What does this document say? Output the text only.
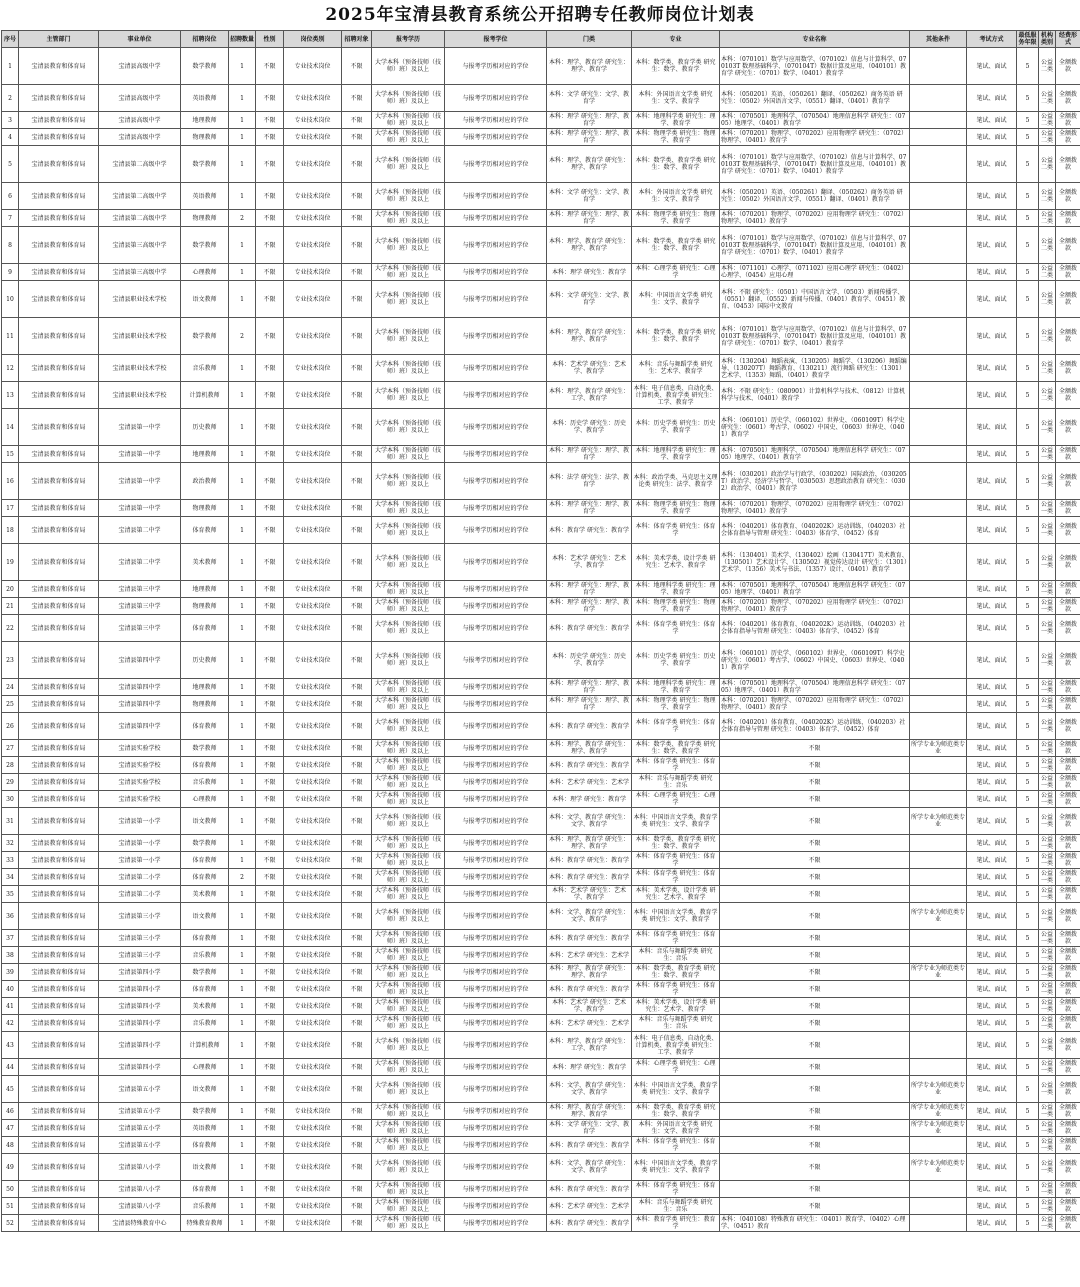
2025年宝清县教育系统公开招聘专任教师岗位计划表
序号	主管部门	事业单位	招聘岗位	招聘数量	性别	岗位类别	招聘对象	报考学历	报考学位	门类	专业	专业名称	其他条件	考试方式	最低服务年限	机构类别	经费形式
1	宝清县教育和体育局	宝清县高级中学	数学教师	1	不限	专业技术岗位	不限	大学本科（预备技师（技师）班）及以上	与报考学历相对应的学位	本科：理学、教育学 研究生：理学、教育学	本科：数学类、教育学类 研究生：数学、教育学	本科：（070101）数学与应用数学、（070102）信息与计算科学、070103T 数理基础科学、（070104T）数据计算及应用、（040101）教育学 研究生：（0701）数学、（0401）教育学		笔试、面试	5	公益二类	全额拨款
2	宝清县教育和体育局	宝清县高级中学	英语教师	1	不限	专业技术岗位	不限	大学本科（预备技师（技师）班）及以上	与报考学历相对应的学位	本科：文学 研究生：文学、教育学	本科：外国语言文学类 研究生：文学、教育学	本科：（050201）英语、（050261）翻译、（050262）商务英语 研究生：（0502）外国语言文学、（0551）翻译、（0401）教育学		笔试、面试	5	公益二类	全额拨款
3	宝清县教育和体育局	宝清县高级中学	地理教师	1	不限	专业技术岗位	不限	大学本科（预备技师（技师）班）及以上	与报考学历相对应的学位	本科：理学 研究生：理学、教育学	本科：地理科学类 研究生：理学、教育学	本科：（070501）地理科学、（070504）地理信息科学 研究生：（0705）地理学、（0401）教育学		笔试、面试	5	公益二类	全额拨款
4	宝清县教育和体育局	宝清县高级中学	物理教师	1	不限	专业技术岗位	不限	大学本科（预备技师（技师）班）及以上	与报考学历相对应的学位	本科：理学 研究生：理学、教育学	本科：物理学类 研究生：物理学、教育学	本科：（070201）物理学、（070202）应用物理学 研究生：（0702）物理学、（0401）教育学		笔试、面试	5	公益二类	全额拨款
5	宝清县教育和体育局	宝清县第二高级中学	数学教师	1	不限	专业技术岗位	不限	大学本科（预备技师（技师）班）及以上	与报考学历相对应的学位	本科：理学、教育学 研究生：理学、教育学	本科：数学类、教育学类 研究生：数学、教育学	本科：（070101）数学与应用数学、（070102）信息与计算科学、070103T 数理基础科学、（070104T）数据计算及应用、（040101）教育学 研究生：（0701）数学、（0401）教育学		笔试、面试	5	公益二类	全额拨款
6	宝清县教育和体育局	宝清县第二高级中学	英语教师	1	不限	专业技术岗位	不限	大学本科（预备技师（技师）班）及以上	与报考学历相对应的学位	本科：文学 研究生：文学、教育学	本科：外国语言文学类 研究生：文学、教育学	本科：（050201）英语、（050261）翻译、（050262）商务英语 研究生：（0502）外国语言文学、（0551）翻译、（0401）教育学		笔试、面试	5	公益二类	全额拨款
7	宝清县教育和体育局	宝清县第二高级中学	物理教师	2	不限	专业技术岗位	不限	大学本科（预备技师（技师）班）及以上	与报考学历相对应的学位	本科：理学 研究生：理学、教育学	本科：物理学类 研究生：物理学、教育学	本科：（070201）物理学、（070202）应用物理学 研究生：（0702）物理学、（0401）教育学		笔试、面试	5	公益二类	全额拨款
8	宝清县教育和体育局	宝清县第三高级中学	数学教师	1	不限	专业技术岗位	不限	大学本科（预备技师（技师）班）及以上	与报考学历相对应的学位	本科：理学、教育学 研究生：理学、教育学	本科：数学类、教育学类 研究生：数学、教育学	本科：（070101）数学与应用数学、（070102）信息与计算科学、070103T 数理基础科学、（070104T）数据计算及应用、（040101）教育学 研究生：（0701）数学、（0401）教育学		笔试、面试	5	公益二类	全额拨款
9	宝清县教育和体育局	宝清县第三高级中学	心理教师	1	不限	专业技术岗位	不限	大学本科（预备技师（技师）班）及以上	与报考学历相对应的学位	本科：理学 研究生：教育学	本科：心理学类 研究生：心理学	本科：（071101）心理学、（071102）应用心理学 研究生：（0402）心理学、（0454）应用心理		笔试、面试	5	公益二类	全额拨款
10	宝清县教育和体育局	宝清县职业技术学校	语文教师	1	不限	专业技术岗位	不限	大学本科（预备技师（技师）班）及以上	与报考学历相对应的学位	本科：文学 研究生：文学、教育学	本科：中国语言文学类 研究生：文学、教育学	本科：不限 研究生：（0501）中国语言文学、（0503）新闻传播学、（0551）翻译、（0552）新闻与传播、（0401）教育学、（0451）教育、（0453）国际中文教育		笔试、面试	5	公益二类	全额拨款
11	宝清县教育和体育局	宝清县职业技术学校	数学教师	2	不限	专业技术岗位	不限	大学本科（预备技师（技师）班）及以上	与报考学历相对应的学位	本科：理学、教育学 研究生：理学、教育学	本科：数学类、教育学类 研究生：数学、教育学	本科：（070101）数学与应用数学、（070102）信息与计算科学、070103T 数理基础科学、（070104T）数据计算及应用、（040101）教育学 研究生：（0701）数学、（0401）教育学		笔试、面试	5	公益二类	全额拨款
12	宝清县教育和体育局	宝清县职业技术学校	音乐教师	1	不限	专业技术岗位	不限	大学本科（预备技师（技师）班）及以上	与报考学历相对应的学位	本科：艺术学 研究生：艺术学、教育学	本科：音乐与舞蹈学类 研究生：艺术学、教育学	本科：（130204）舞蹈表演、（130205）舞蹈学、（130206）舞蹈编导、（130207T）舞蹈教育、（130211）流行舞蹈 研究生：（1301）艺术学、（1353）舞蹈、（0401）教育学		笔试、面试	5	公益二类	全额拨款
13	宝清县教育和体育局	宝清县职业技术学校	计算机教师	1	不限	专业技术岗位	不限	大学本科（预备技师（技师）班）及以上	与报考学历相对应的学位	本科：理学、教育学 研究生：工学、教育学	本科：电子信息类、自动化类、计算机类、教育学类 研究生：工学、教育学	本科：不限 研究生：（080901）计算机科学与技术、（0812）计算机科学与技术、（0401）教育学		笔试、面试	5	公益二类	全额拨款
14	宝清县教育和体育局	宝清县第一中学	历史教师	1	不限	专业技术岗位	不限	大学本科（预备技师（技师）班）及以上	与报考学历相对应的学位	本科：历史学 研究生：历史学、教育学	本科：历史学类 研究生：历史学、教育学	本科：（060101）历史学、（060102）世界史、（060109T）科学史 研究生：（0601）考古学、（0602）中国史、（0603）世界史、（0401）教育学		笔试、面试	5	公益一类	全额拨款
15	宝清县教育和体育局	宝清县第一中学	地理教师	1	不限	专业技术岗位	不限	大学本科（预备技师（技师）班）及以上	与报考学历相对应的学位	本科：理学 研究生：理学、教育学	本科：地理科学类 研究生：理学、教育学	本科：（070501）地理科学、（070504）地理信息科学 研究生：（0705）地理学、（0401）教育学		笔试、面试	5	公益一类	全额拨款
16	宝清县教育和体育局	宝清县第一中学	政治教师	1	不限	专业技术岗位	不限	大学本科（预备技师（技师）班）及以上	与报考学历相对应的学位	本科：法学 研究生：法学、教育学	本科：政治学类、马克思主义理论类 研究生：法学、教育学	本科：（030201）政治学与行政学、（030202）国际政治、（030205T）政治学、经济学与哲学、（030503）思想政治教育 研究生：（0302）政治学、（0401）教育学		笔试、面试	5	公益一类	全额拨款
17	宝清县教育和体育局	宝清县第一中学	物理教师	1	不限	专业技术岗位	不限	大学本科（预备技师（技师）班）及以上	与报考学历相对应的学位	本科：理学 研究生：理学、教育学	本科：物理学类 研究生：物理学、教育学	本科：（070201）物理学、（070202）应用物理学 研究生：（0702）物理学、（0401）教育学		笔试、面试	5	公益一类	全额拨款
18	宝清县教育和体育局	宝清县第二中学	体育教师	1	不限	专业技术岗位	不限	大学本科（预备技师（技师）班）及以上	与报考学历相对应的学位	本科：教育学 研究生：教育学	本科：体育学类 研究生：体育学	本科：（040201）体育教育、（040202K）运动训练、（040203）社会体育指导与管理 研究生：（0403）体育学、（0452）体育		笔试、面试	5	公益一类	全额拨款
19	宝清县教育和体育局	宝清县第二中学	美术教师	1	不限	专业技术岗位	不限	大学本科（预备技师（技师）班）及以上	与报考学历相对应的学位	本科：艺术学 研究生：艺术学、教育学	本科：美术学类、设计学类 研究生：艺术学、教育学	本科：（130401）美术学、（130402）绘画（130417T）美术教育、（130501）艺术设计学、（130502）视觉传达设计 研究生：（1301）艺术学、（1356）美术与书法、（1357）设计、（0401）教育学		笔试、面试	5	公益一类	全额拨款
20	宝清县教育和体育局	宝清县第三中学	地理教师	1	不限	专业技术岗位	不限	大学本科（预备技师（技师）班）及以上	与报考学历相对应的学位	本科：理学 研究生：理学、教育学	本科：地理科学类 研究生：理学、教育学	本科：（070501）地理科学、（070504）地理信息科学 研究生：（0705）地理学、（0401）教育学		笔试、面试	5	公益一类	全额拨款
21	宝清县教育和体育局	宝清县第三中学	物理教师	1	不限	专业技术岗位	不限	大学本科（预备技师（技师）班）及以上	与报考学历相对应的学位	本科：理学 研究生：理学、教育学	本科：物理学类 研究生：物理学、教育学	本科：（070201）物理学、（070202）应用物理学 研究生：（0702）物理学、（0401）教育学		笔试、面试	5	公益一类	全额拨款
22	宝清县教育和体育局	宝清县第三中学	体育教师	1	不限	专业技术岗位	不限	大学本科（预备技师（技师）班）及以上	与报考学历相对应的学位	本科：教育学 研究生：教育学	本科：体育学类 研究生：体育学	本科：（040201）体育教育、（040202K）运动训练、（040203）社会体育指导与管理 研究生：（0403）体育学、（0452）体育		笔试、面试	5	公益一类	全额拨款
23	宝清县教育和体育局	宝清县第四中学	历史教师	1	不限	专业技术岗位	不限	大学本科（预备技师（技师）班）及以上	与报考学历相对应的学位	本科：历史学 研究生：历史学、教育学	本科：历史学类 研究生：历史学、教育学	本科：（060101）历史学、（060102）世界史、（060109T）科学史 研究生：（0601）考古学、（0602）中国史、（0603）世界史、（0401）教育学		笔试、面试	5	公益一类	全额拨款
24	宝清县教育和体育局	宝清县第四中学	地理教师	1	不限	专业技术岗位	不限	大学本科（预备技师（技师）班）及以上	与报考学历相对应的学位	本科：理学 研究生：理学、教育学	本科：地理科学类 研究生：理学、教育学	本科：（070501）地理科学、（070504）地理信息科学 研究生：（0705）地理学、（0401）教育学		笔试、面试	5	公益一类	全额拨款
25	宝清县教育和体育局	宝清县第四中学	物理教师	1	不限	专业技术岗位	不限	大学本科（预备技师（技师）班）及以上	与报考学历相对应的学位	本科：理学 研究生：理学、教育学	本科：物理学类 研究生：物理学、教育学	本科：（070201）物理学、（070202）应用物理学 研究生：（0702）物理学、（0401）教育学		笔试、面试	5	公益一类	全额拨款
26	宝清县教育和体育局	宝清县第四中学	体育教师	1	不限	专业技术岗位	不限	大学本科（预备技师（技师）班）及以上	与报考学历相对应的学位	本科：教育学 研究生：教育学	本科：体育学类 研究生：体育学	本科：（040201）体育教育、（040202K）运动训练、（040203）社会体育指导与管理 研究生：（0403）体育学、（0452）体育		笔试、面试	5	公益一类	全额拨款
27	宝清县教育和体育局	宝清县实验学校	数学教师	1	不限	专业技术岗位	不限	大学本科（预备技师（技师）班）及以上	与报考学历相对应的学位	本科：理学、教育学 研究生：理学、教育学	本科：数学类、教育学类 研究生：数学、教育学	不限	所学专业为师范类专业	笔试、面试	5	公益一类	全额拨款
28	宝清县教育和体育局	宝清县实验学校	体育教师	1	不限	专业技术岗位	不限	大学本科（预备技师（技师）班）及以上	与报考学历相对应的学位	本科：教育学 研究生：教育学	本科：体育学类 研究生：体育学	不限		笔试、面试	5	公益一类	全额拨款
29	宝清县教育和体育局	宝清县实验学校	音乐教师	1	不限	专业技术岗位	不限	大学本科（预备技师（技师）班）及以上	与报考学历相对应的学位	本科：艺术学 研究生：艺术学	本科：音乐与舞蹈学类 研究生：音乐	不限		笔试、面试	5	公益一类	全额拨款
30	宝清县教育和体育局	宝清县实验学校	心理教师	1	不限	专业技术岗位	不限	大学本科（预备技师（技师）班）及以上	与报考学历相对应的学位	本科：理学 研究生：教育学	本科：心理学类 研究生：心理学	不限		笔试、面试	5	公益一类	全额拨款
31	宝清县教育和体育局	宝清县第一小学	语文教师	1	不限	专业技术岗位	不限	大学本科（预备技师（技师）班）及以上	与报考学历相对应的学位	本科：文学、教育学 研究生：文学、教育学	本科：中国语言文学类、教育学类 研究生：文学、教育学	不限	所学专业为师范类专业	笔试、面试	5	公益一类	全额拨款
32	宝清县教育和体育局	宝清县第一小学	数学教师	1	不限	专业技术岗位	不限	大学本科（预备技师（技师）班）及以上	与报考学历相对应的学位	本科：理学、教育学 研究生：理学、教育学	本科：数学类、教育学类 研究生：数学、教育学	不限		笔试、面试	5	公益一类	全额拨款
33	宝清县教育和体育局	宝清县第一小学	体育教师	1	不限	专业技术岗位	不限	大学本科（预备技师（技师）班）及以上	与报考学历相对应的学位	本科：教育学 研究生：教育学	本科：体育学类 研究生：体育学	不限		笔试、面试	5	公益一类	全额拨款
34	宝清县教育和体育局	宝清县第二小学	体育教师	2	不限	专业技术岗位	不限	大学本科（预备技师（技师）班）及以上	与报考学历相对应的学位	本科：教育学 研究生：教育学	本科：体育学类 研究生：体育学	不限		笔试、面试	5	公益一类	全额拨款
35	宝清县教育和体育局	宝清县第二小学	美术教师	1	不限	专业技术岗位	不限	大学本科（预备技师（技师）班）及以上	与报考学历相对应的学位	本科：艺术学 研究生：艺术学、教育学	本科：美术学类、设计学类 研究生：艺术学、教育学	不限		笔试、面试	5	公益一类	全额拨款
36	宝清县教育和体育局	宝清县第三小学	语文教师	1	不限	专业技术岗位	不限	大学本科（预备技师（技师）班）及以上	与报考学历相对应的学位	本科：文学、教育学 研究生：文学、教育学	本科：中国语言文学类、教育学类 研究生：文学、教育学	不限	所学专业为师范类专业	笔试、面试	5	公益一类	全额拨款
37	宝清县教育和体育局	宝清县第三小学	体育教师	1	不限	专业技术岗位	不限	大学本科（预备技师（技师）班）及以上	与报考学历相对应的学位	本科：教育学 研究生：教育学	本科：体育学类 研究生：体育学	不限		笔试、面试	5	公益一类	全额拨款
38	宝清县教育和体育局	宝清县第三小学	音乐教师	1	不限	专业技术岗位	不限	大学本科（预备技师（技师）班）及以上	与报考学历相对应的学位	本科：艺术学 研究生：艺术学	本科：音乐与舞蹈学类 研究生：音乐	不限		笔试、面试	5	公益一类	全额拨款
39	宝清县教育和体育局	宝清县第四小学	数学教师	1	不限	专业技术岗位	不限	大学本科（预备技师（技师）班）及以上	与报考学历相对应的学位	本科：理学、教育学 研究生：理学、教育学	本科：数学类、教育学类 研究生：数学、教育学	不限	所学专业为师范类专业	笔试、面试	5	公益一类	全额拨款
40	宝清县教育和体育局	宝清县第四小学	体育教师	1	不限	专业技术岗位	不限	大学本科（预备技师（技师）班）及以上	与报考学历相对应的学位	本科：教育学 研究生：教育学	本科：体育学类 研究生：体育学	不限		笔试、面试	5	公益一类	全额拨款
41	宝清县教育和体育局	宝清县第四小学	美术教师	1	不限	专业技术岗位	不限	大学本科（预备技师（技师）班）及以上	与报考学历相对应的学位	本科：艺术学 研究生：艺术学、教育学	本科：美术学类、设计学类 研究生：艺术学、教育学	不限		笔试、面试	5	公益一类	全额拨款
42	宝清县教育和体育局	宝清县第四小学	音乐教师	1	不限	专业技术岗位	不限	大学本科（预备技师（技师）班）及以上	与报考学历相对应的学位	本科：艺术学 研究生：艺术学	本科：音乐与舞蹈学类 研究生：音乐	不限		笔试、面试	5	公益一类	全额拨款
43	宝清县教育和体育局	宝清县第四小学	计算机教师	1	不限	专业技术岗位	不限	大学本科（预备技师（技师）班）及以上	与报考学历相对应的学位	本科：理学、教育学 研究生：工学、教育学	本科：电子信息类、自动化类、计算机类、教育学类 研究生：工学、教育学	不限		笔试、面试	5	公益一类	全额拨款
44	宝清县教育和体育局	宝清县第四小学	心理教师	1	不限	专业技术岗位	不限	大学本科（预备技师（技师）班）及以上	与报考学历相对应的学位	本科：理学 研究生：教育学	本科：心理学类 研究生：心理学	不限		笔试、面试	5	公益一类	全额拨款
45	宝清县教育和体育局	宝清县第五小学	语文教师	1	不限	专业技术岗位	不限	大学本科（预备技师（技师）班）及以上	与报考学历相对应的学位	本科：文学、教育学 研究生：文学、教育学	本科：中国语言文学类、教育学类 研究生：文学、教育学	不限	所学专业为师范类专业	笔试、面试	5	公益一类	全额拨款
46	宝清县教育和体育局	宝清县第五小学	数学教师	1	不限	专业技术岗位	不限	大学本科（预备技师（技师）班）及以上	与报考学历相对应的学位	本科：理学、教育学 研究生：理学、教育学	本科：数学类、教育学类 研究生：数学、教育学	不限	所学专业为师范类专业	笔试、面试	5	公益一类	全额拨款
47	宝清县教育和体育局	宝清县第五小学	英语教师	1	不限	专业技术岗位	不限	大学本科（预备技师（技师）班）及以上	与报考学历相对应的学位	本科：文学 研究生：文学、教育学	本科：外国语言文学类 研究生：文学、教育学	不限	所学专业为师范类专业	笔试、面试	5	公益一类	全额拨款
48	宝清县教育和体育局	宝清县第五小学	体育教师	1	不限	专业技术岗位	不限	大学本科（预备技师（技师）班）及以上	与报考学历相对应的学位	本科：教育学 研究生：教育学	本科：体育学类 研究生：体育学	不限		笔试、面试	5	公益一类	全额拨款
49	宝清县教育和体育局	宝清县第八小学	语文教师	1	不限	专业技术岗位	不限	大学本科（预备技师（技师）班）及以上	与报考学历相对应的学位	本科：文学、教育学 研究生：文学、教育学	本科：中国语言文学类、教育学类 研究生：文学、教育学	不限	所学专业为师范类专业	笔试、面试	5	公益一类	全额拨款
50	宝清县教育和体育局	宝清县第八小学	体育教师	1	不限	专业技术岗位	不限	大学本科（预备技师（技师）班）及以上	与报考学历相对应的学位	本科：教育学 研究生：教育学	本科：体育学类 研究生：体育学	不限		笔试、面试	5	公益一类	全额拨款
51	宝清县教育和体育局	宝清县第八小学	音乐教师	1	不限	专业技术岗位	不限	大学本科（预备技师（技师）班）及以上	与报考学历相对应的学位	本科：艺术学 研究生：艺术学	本科：音乐与舞蹈学类 研究生：音乐	不限		笔试、面试	5	公益一类	全额拨款
52	宝清县教育和体育局	宝清县特殊教育中心	特殊教育教师	1	不限	专业技术岗位	不限	大学本科（预备技师（技师）班）及以上	与报考学历相对应的学位	本科：教育学 研究生：教育学	本科：教育学类 研究生：教育学	本科：（040108）特殊教育 研究生：（0401）教育学、（0402）心理学、（0451）教育		笔试、面试	5	公益一类	全额拨款
